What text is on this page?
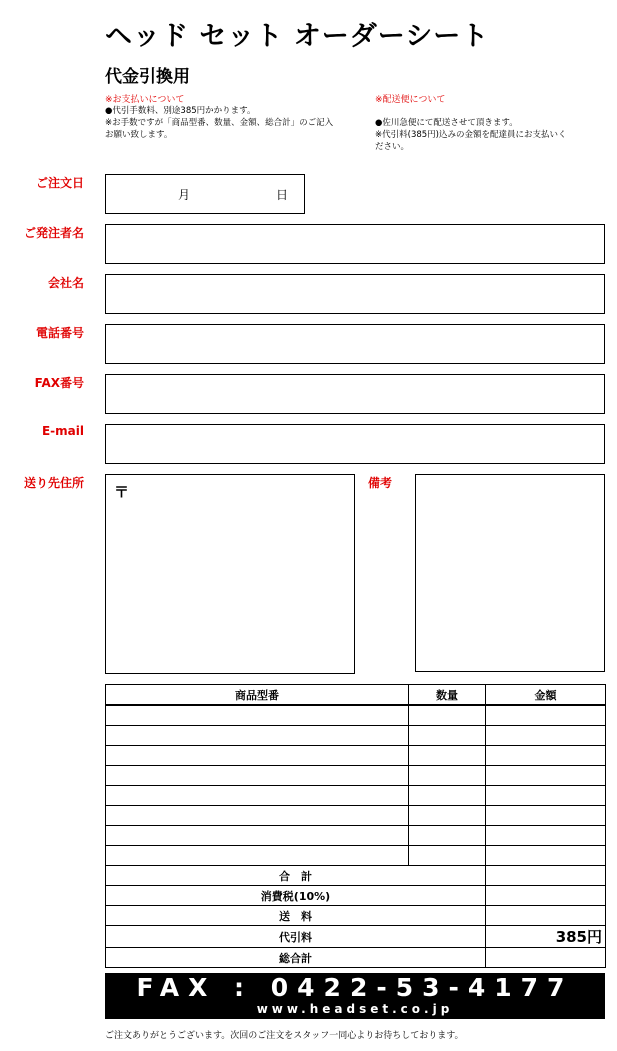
ヘッド セット オーダーシート
代金引換用
※お支払いについて
●代引手数料、別途385円かかります。
※お手数ですが「商品型番、数量、金額、総合計」のご記入
お願い致します。
※配送便について
●佐川急便にて配送させて頂きます。
※代引料(385円)込みの金額を配達員にお支払いく
ださい。
ご注文日
月	日
ご発注者名
会社名
電話番号
FAX番号
E-mail
送り先住所 〒	備考
商品型番	数量	金額

合　計		
消費税(10%)		
送　料		
代引料		385円
総合計		
FAX : 0422-53-4177
www.headset.co.jp
ご注文ありがとうございます。次回のご注文をスタッフ一同心よりお待ちしております。
